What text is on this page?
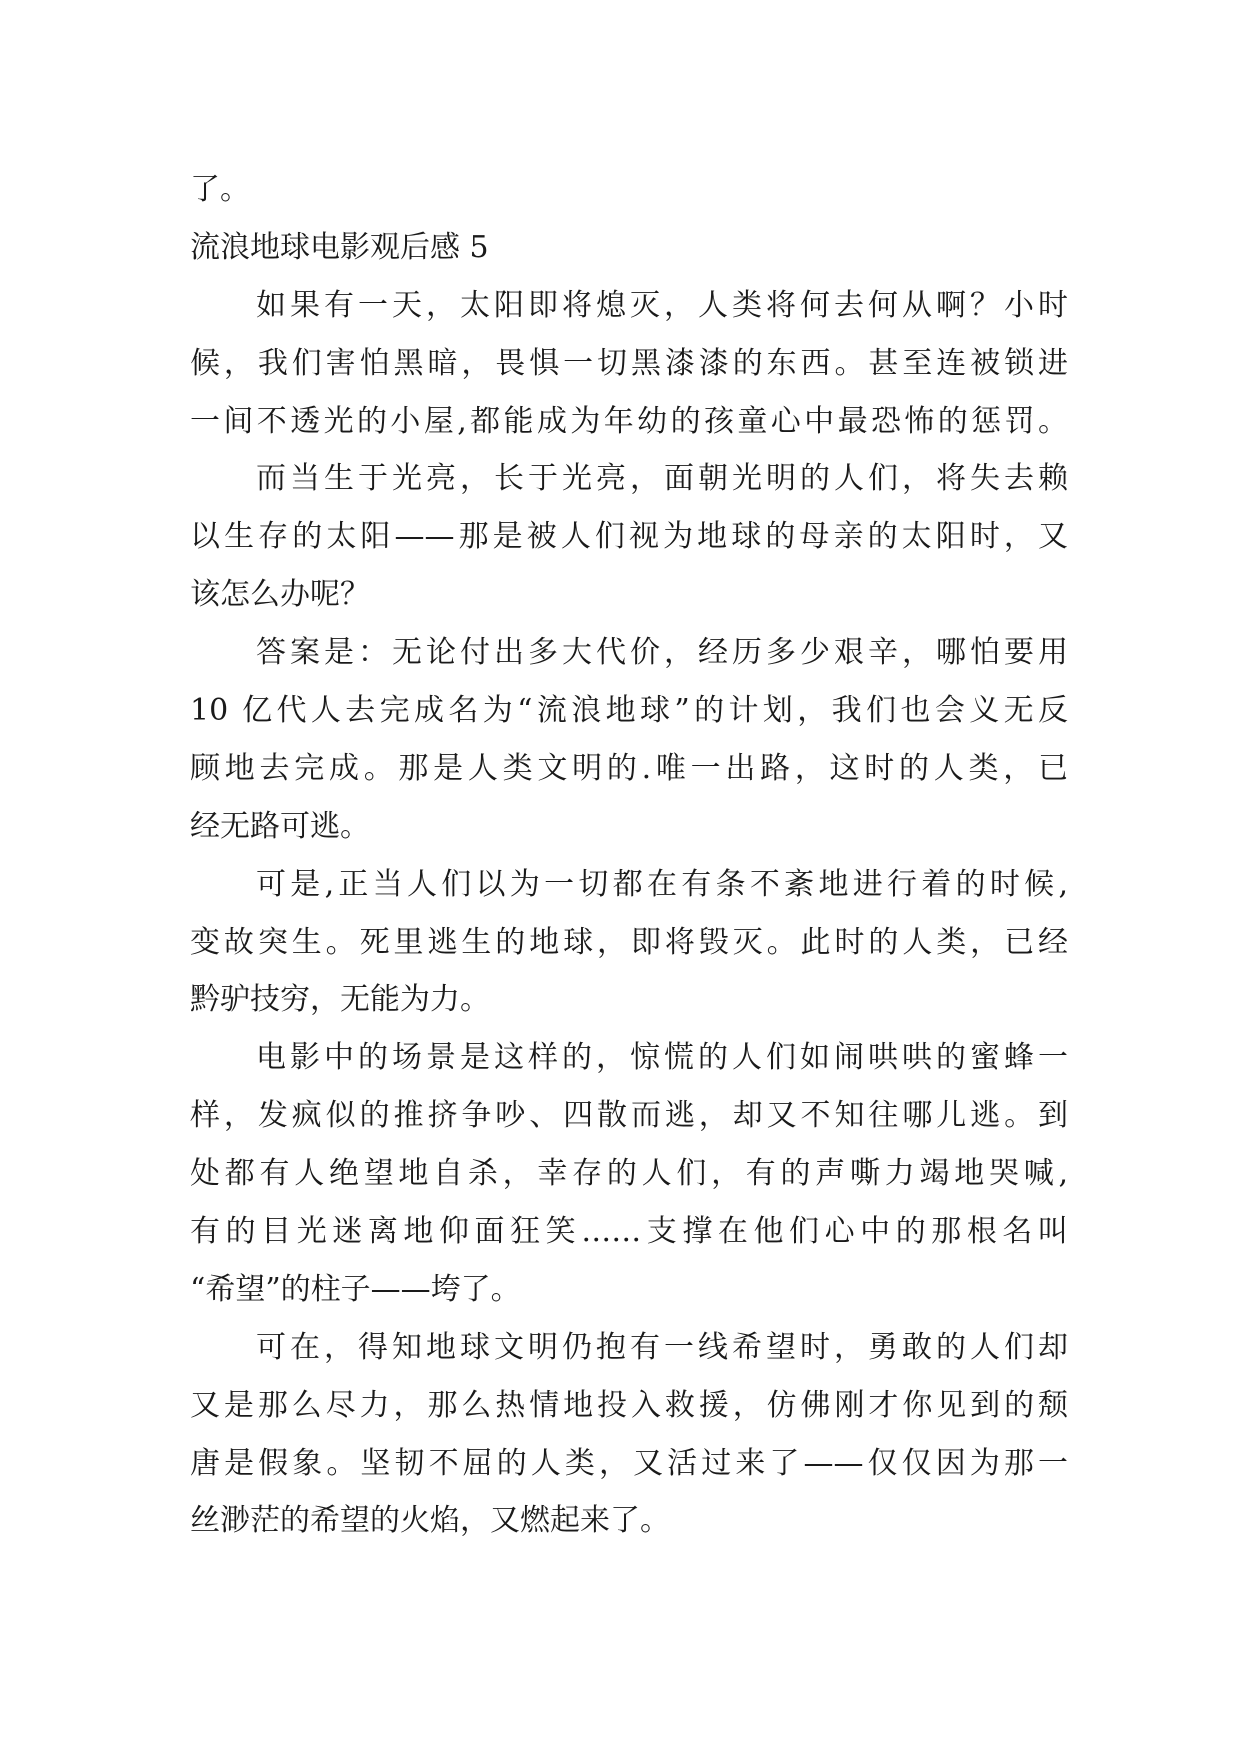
了。
流浪地球电影观后感 5
如果有一天，太阳即将熄灭，人类将何去何从啊？小时
候，我们害怕黑暗，畏惧一切黑漆漆的东西。甚至连被锁进
一间不透光的小屋,都能成为年幼的孩童心中最恐怖的惩罚。
而当生于光亮，长于光亮，面朝光明的人们，将失去赖
以生存的太阳——那是被人们视为地球的母亲的太阳时，又
该怎么办呢？
答案是：无论付出多大代价，经历多少艰辛，哪怕要用
10 亿代人去完成名为“流浪地球”的计划，我们也会义无反
顾地去完成。那是人类文明的.唯一出路，这时的人类，已
经无路可逃。
可是,正当人们以为一切都在有条不紊地进行着的时候,
变故突生。死里逃生的地球，即将毁灭。此时的人类，已经
黔驴技穷，无能为力。
电影中的场景是这样的，惊慌的人们如闹哄哄的蜜蜂一
样，发疯似的推挤争吵、四散而逃，却又不知往哪儿逃。到
处都有人绝望地自杀，幸存的人们，有的声嘶力竭地哭喊,
有的目光迷离地仰面狂笑……支撑在他们心中的那根名叫
“希望”的柱子——垮了。
可在，得知地球文明仍抱有一线希望时，勇敢的人们却
又是那么尽力，那么热情地投入救援，仿佛刚才你见到的颓
唐是假象。坚韧不屈的人类，又活过来了——仅仅因为那一
丝渺茫的希望的火焰，又燃起来了。
